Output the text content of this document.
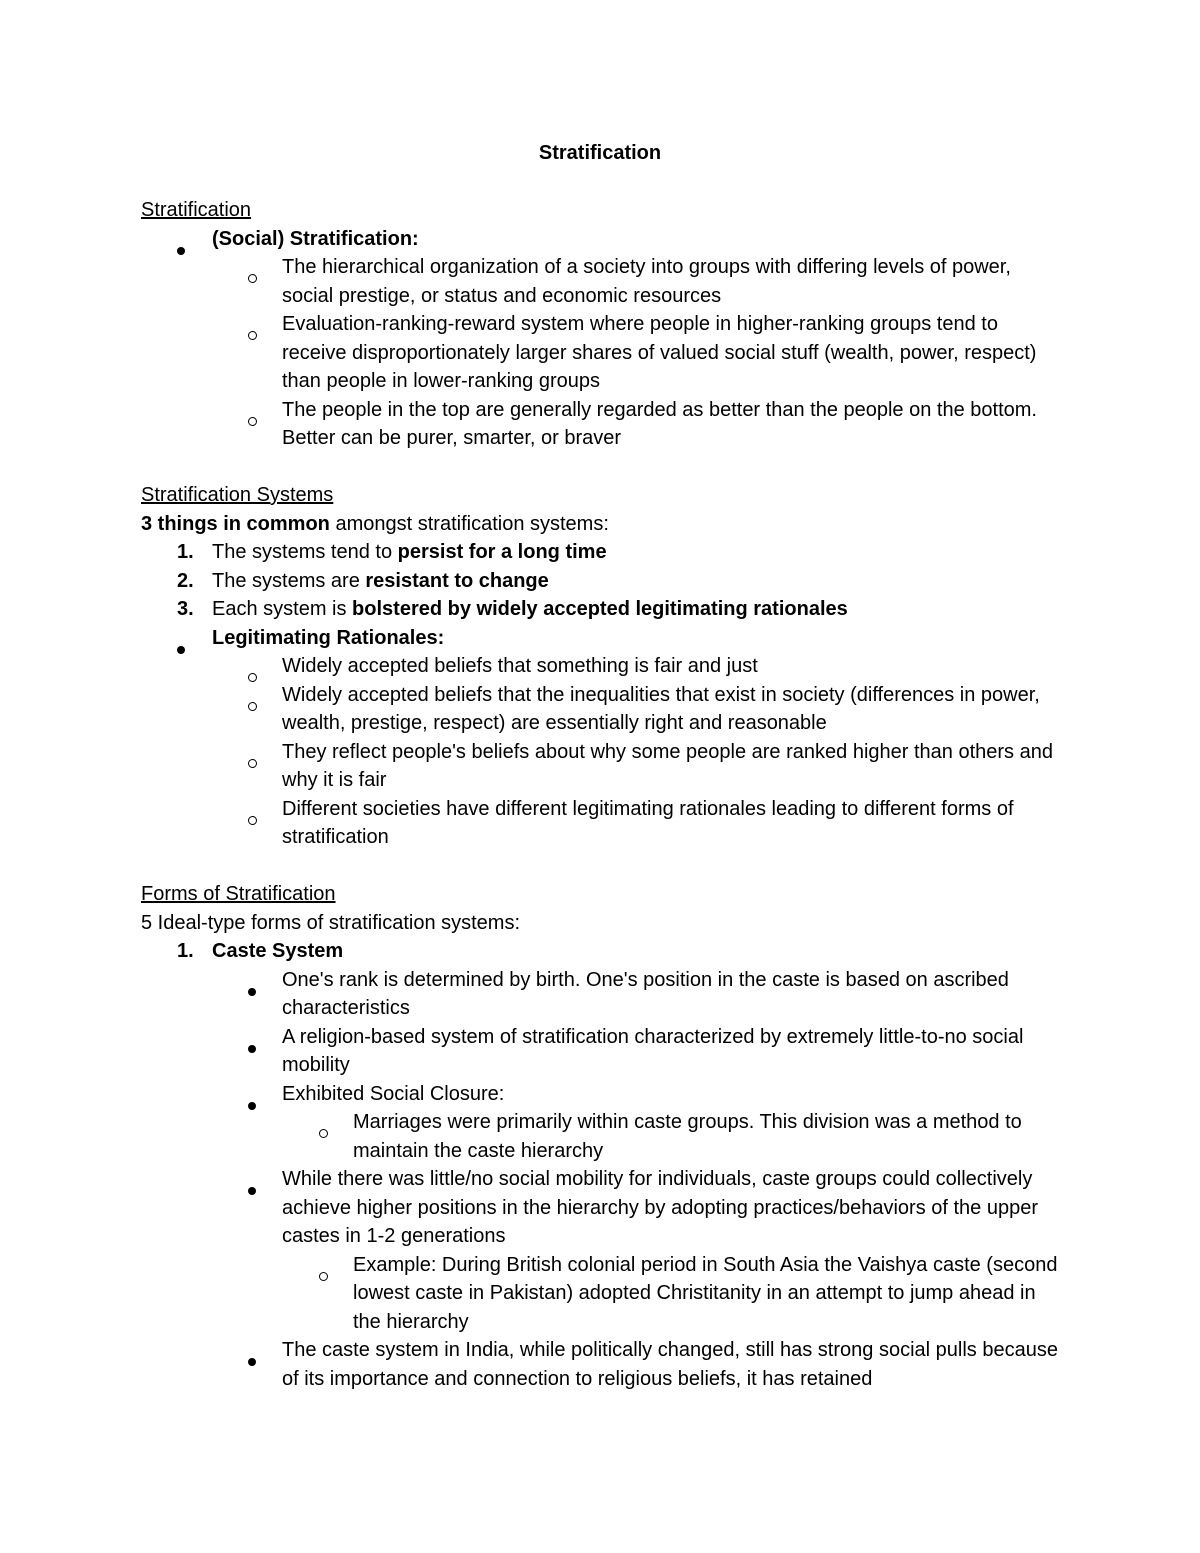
Stratification

Stratification

(Social) Stratification:
The hierarchical organization of a society into groups with differing levels of power, social prestige, or status and economic resources
Evaluation-ranking-reward system where people in higher-ranking groups tend to receive disproportionately larger shares of valued social stuff (wealth, power, respect) than people in lower-ranking groups
The people in the top are generally regarded as better than the people on the bottom. Better can be purer, smarter, or braver

Stratification Systems

3 things in common amongst stratification systems:

1. The systems tend to persist for a long time
2. The systems are resistant to change
3. Each system is bolstered by widely accepted legitimating rationales
Legitimating Rationales:
Widely accepted beliefs that something is fair and just
Widely accepted beliefs that the inequalities that exist in society (differences in power, wealth, prestige, respect) are essentially right and reasonable
They reflect people's beliefs about why some people are ranked higher than others and why it is fair
Different societies have different legitimating rationales leading to different forms of stratification

Forms of Stratification

5 Ideal-type forms of stratification systems:

1. Caste System
One's rank is determined by birth. One's position in the caste is based on ascribed characteristics
A religion-based system of stratification characterized by extremely little-to-no social mobility
Exhibited Social Closure:
Marriages were primarily within caste groups. This division was a method to maintain the caste hierarchy
While there was little/no social mobility for individuals, caste groups could collectively achieve higher positions in the hierarchy by adopting practices/behaviors of the upper castes in 1-2 generations
Example: During British colonial period in South Asia the Vaishya caste (second lowest caste in Pakistan) adopted Christitanity in an attempt to jump ahead in the hierarchy
The caste system in India, while politically changed, still has strong social pulls because of its importance and connection to religious beliefs, it has retained
